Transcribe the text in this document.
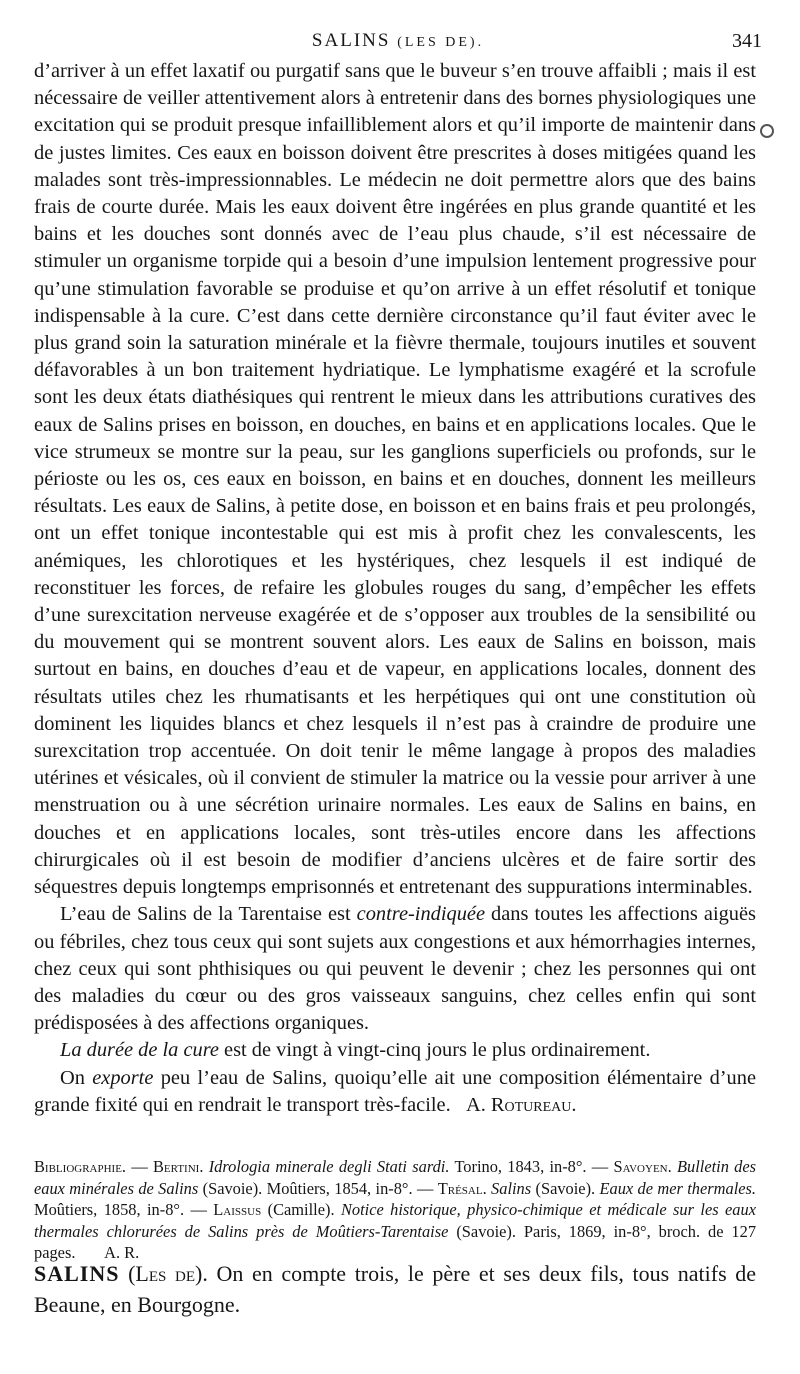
SALINS (LES DE).	341

d’arriver à un effet laxatif ou purgatif sans que le buveur s’en trouve affaibli ; mais il est nécessaire de veiller attentivement alors à entretenir dans des bornes physiologiques une excitation qui se produit presque infailliblement alors et qu’il importe de maintenir dans de justes limites. Ces eaux en boisson doivent être prescrites à doses mitigées quand les malades sont très-impressionnables. Le médecin ne doit permettre alors que des bains frais de courte durée. Mais les eaux doivent être ingérées en plus grande quantité et les bains et les douches sont donnés avec de l’eau plus chaude, s’il est nécessaire de stimuler un organisme torpide qui a besoin d’une impulsion lentement progressive pour qu’une stimulation favorable se produise et qu’on arrive à un effet résolutif et tonique indispensable à la cure. C’est dans cette dernière circonstance qu’il faut éviter avec le plus grand soin la saturation minérale et la fièvre thermale, toujours inutiles et souvent défavorables à un bon traitement hydriatique. Le lymphatisme exagéré et la scrofule sont les deux états diathésiques qui rentrent le mieux dans les attributions curatives des eaux de Salins prises en boisson, en douches, en bains et en applications locales. Que le vice strumeux se montre sur la peau, sur les ganglions superficiels ou profonds, sur le périoste ou les os, ces eaux en boisson, en bains et en douches, donnent les meilleurs résultats. Les eaux de Salins, à petite dose, en boisson et en bains frais et peu prolongés, ont un effet tonique incontestable qui est mis à profit chez les convalescents, les anémiques, les chlorotiques et les hystériques, chez lesquels il est indiqué de reconstituer les forces, de refaire les globules rouges du sang, d’empêcher les effets d’une surexcitation nerveuse exagérée et de s’opposer aux troubles de la sensibilité ou du mouvement qui se montrent souvent alors. Les eaux de Salins en boisson, mais surtout en bains, en douches d’eau et de vapeur, en applications locales, donnent des résultats utiles chez les rhumatisants et les herpétiques qui ont une constitution où dominent les liquides blancs et chez lesquels il n’est pas à craindre de produire une surexcitation trop accentuée. On doit tenir le même langage à propos des maladies utérines et vésicales, où il convient de stimuler la matrice ou la vessie pour arriver à une menstruation ou à une sécrétion urinaire normales. Les eaux de Salins en bains, en douches et en applications locales, sont très-utiles encore dans les affections chirurgicales où il est besoin de modifier d’anciens ulcères et de faire sortir des séquestres depuis longtemps emprisonnés et entretenant des suppurations interminables.

L’eau de Salins de la Tarentaise est contre-indiquée dans toutes les affections aiguës ou fébriles, chez tous ceux qui sont sujets aux congestions et aux hémorrhagies internes, chez ceux qui sont phthisiques ou qui peuvent le devenir ; chez les personnes qui ont des maladies du cœur ou des gros vaisseaux sanguins, chez celles enfin qui sont prédisposées à des affections organiques.

La durée de la cure est de vingt à vingt-cinq jours le plus ordinairement.

On exporte peu l’eau de Salins, quoiqu’elle ait une composition élémentaire d’une grande fixité qui en rendrait le transport très-facile. A. Rotureau.

Bibliographie. — Bertini. Idrologia minerale degli Stati sardi. Torino, 1843, in-8°. — Savoyen. Bulletin des eaux minérales de Salins (Savoie). Moûtiers, 1854, in-8°. — Trésal. Salins (Savoie). Eaux de mer thermales. Moûtiers, 1858, in-8°. — Laissus (Camille). Notice historique, physico-chimique et médicale sur les eaux thermales chlorurées de Salins près de Moûtiers-Tarentaise (Savoie). Paris, 1869, in-8°, broch. de 127 pages. A. R.
SALINS (Les de). On en compte trois, le père et ses deux fils, tous natifs de Beaune, en Bourgogne.
